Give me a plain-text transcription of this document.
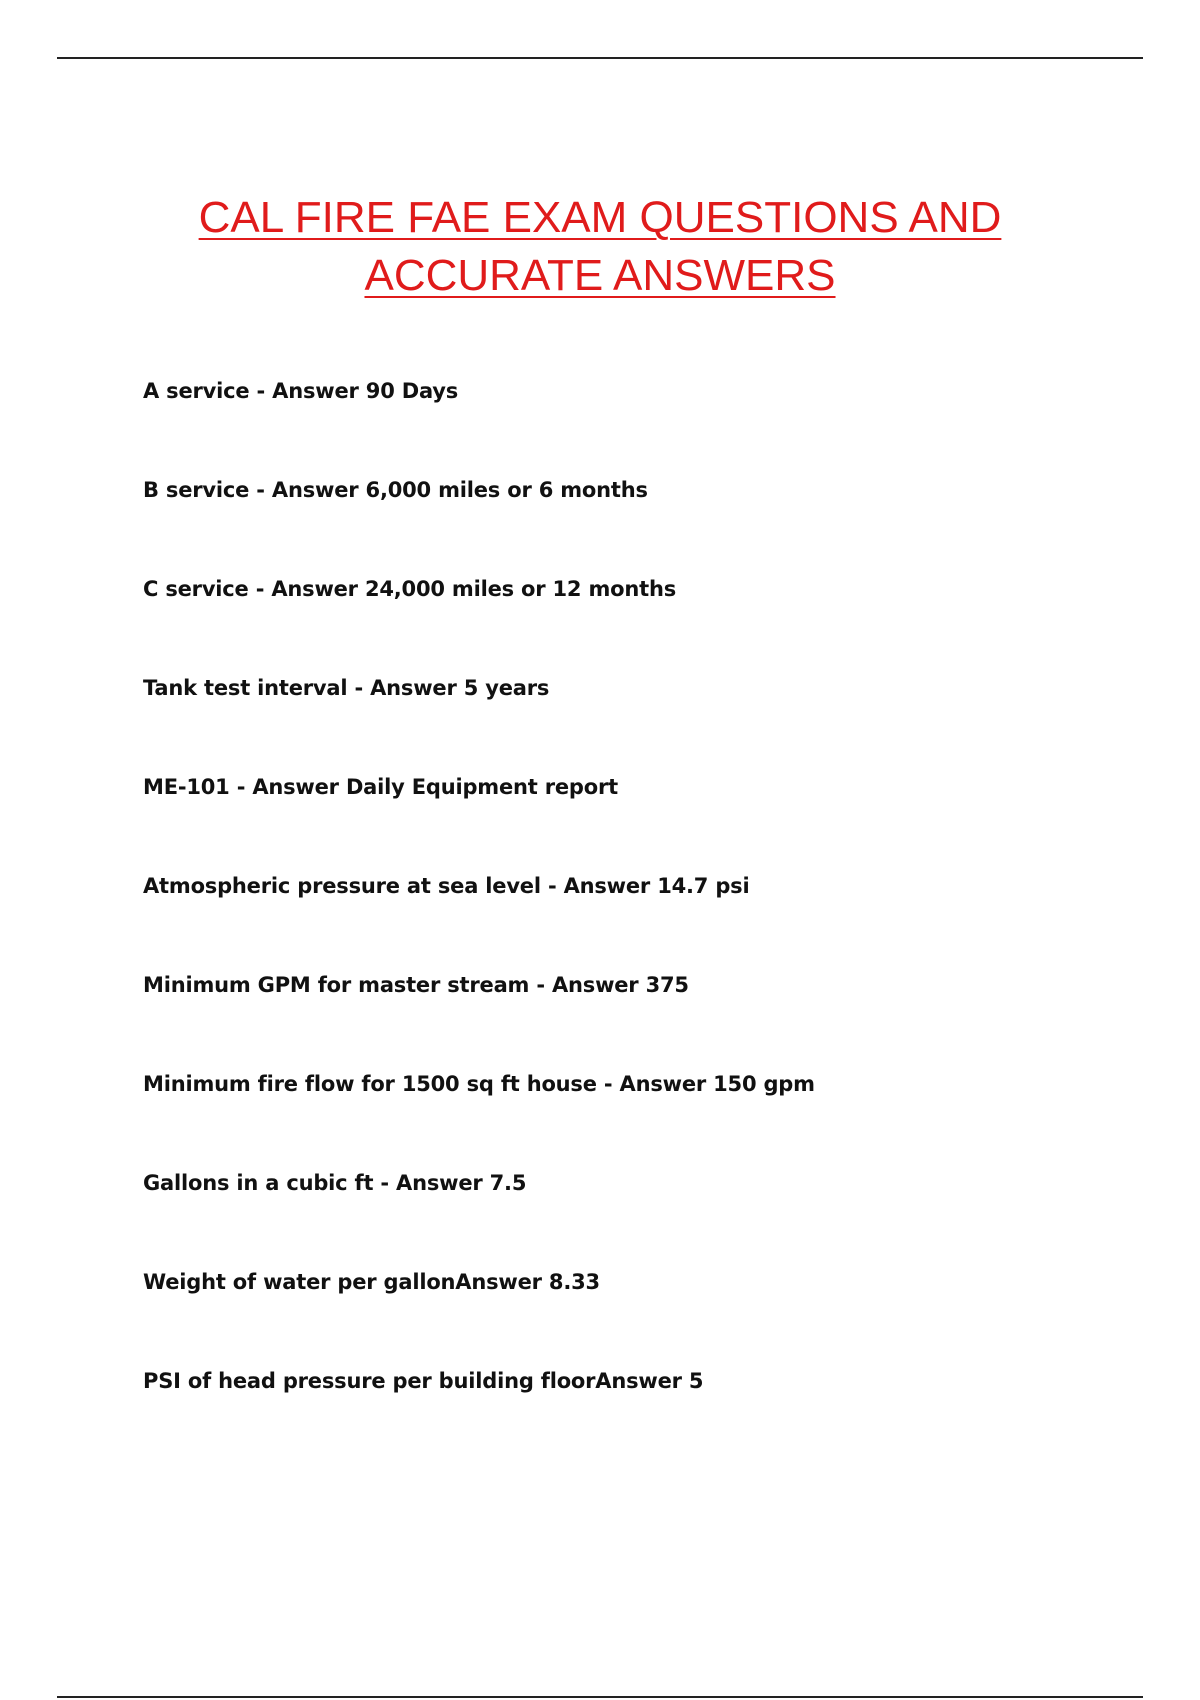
CAL FIRE FAE EXAM QUESTIONS AND
ACCURATE ANSWERS
A service - Answer 90 Days
B service - Answer 6,000 miles or 6 months
C service - Answer 24,000 miles or 12 months
Tank test interval - Answer 5 years
ME-101 - Answer Daily Equipment report
Atmospheric pressure at sea level - Answer 14.7 psi
Minimum GPM for master stream - Answer 375
Minimum fire flow for 1500 sq ft house - Answer 150 gpm
Gallons in a cubic ft - Answer 7.5
Weight of water per gallonAnswer 8.33
PSI of head pressure per building floorAnswer 5
